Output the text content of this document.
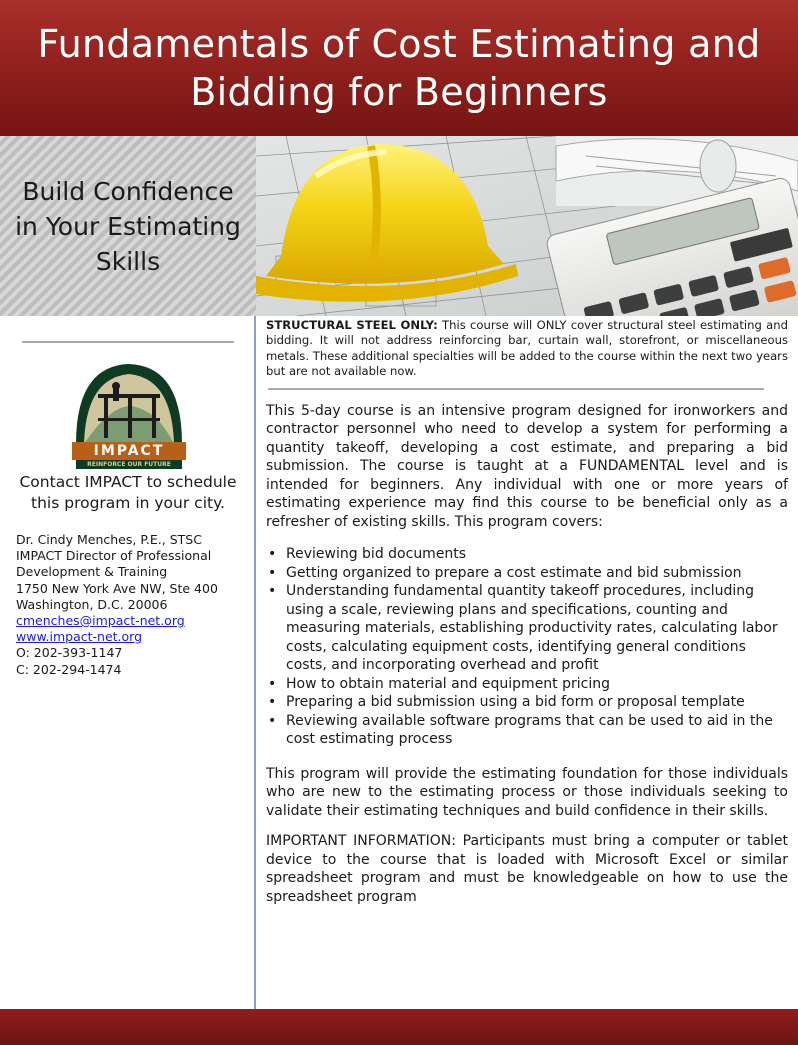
Fundamentals of Cost Estimating and
Bidding for Beginners
Build Confidence
in Your Estimating
Skills
IMPACT
REINFORCE OUR FUTURE
Contact IMPACT to schedule
this program in your city.
Dr. Cindy Menches, P.E., STSC
IMPACT Director of Professional
Development & Training
1750 New York Ave NW, Ste 400
Washington, D.C. 20006
cmenches@impact-net.org
www.impact-net.org
O: 202-393-1147
C: 202-294-1474

STRUCTURAL STEEL ONLY: This course will ONLY cover structural steel estimating and bidding. It will not address reinforcing bar, curtain wall, storefront, or miscellaneous metals. These additional specialties will be added to the course within the next two years but are not available now.

This 5-day course is an intensive program designed for ironworkers and contractor personnel who need to develop a system for performing a quantity takeoff, developing a cost estimate, and preparing a bid submission. The course is taught at a FUNDAMENTAL level and is intended for beginners. Any individual with one or more years of estimating experience may find this course to be beneficial only as a refresher of existing skills. This program covers:

• Reviewing bid documents
• Getting organized to prepare a cost estimate and bid submission
• Understanding fundamental quantity takeoff procedures, including using a scale, reviewing plans and specifications, counting and measuring materials, establishing productivity rates, calculating labor costs, calculating equipment costs, identifying general conditions costs, and incorporating overhead and profit
• How to obtain material and equipment pricing
• Preparing a bid submission using a bid form or proposal template
• Reviewing available software programs that can be used to aid in the cost estimating process

This program will provide the estimating foundation for those individuals who are new to the estimating process or those individuals seeking to validate their estimating techniques and build confidence in their skills.

IMPORTANT INFORMATION: Participants must bring a computer or tablet device to the course that is loaded with Microsoft Excel or similar spreadsheet program and must be knowledgeable on how to use the spreadsheet program
